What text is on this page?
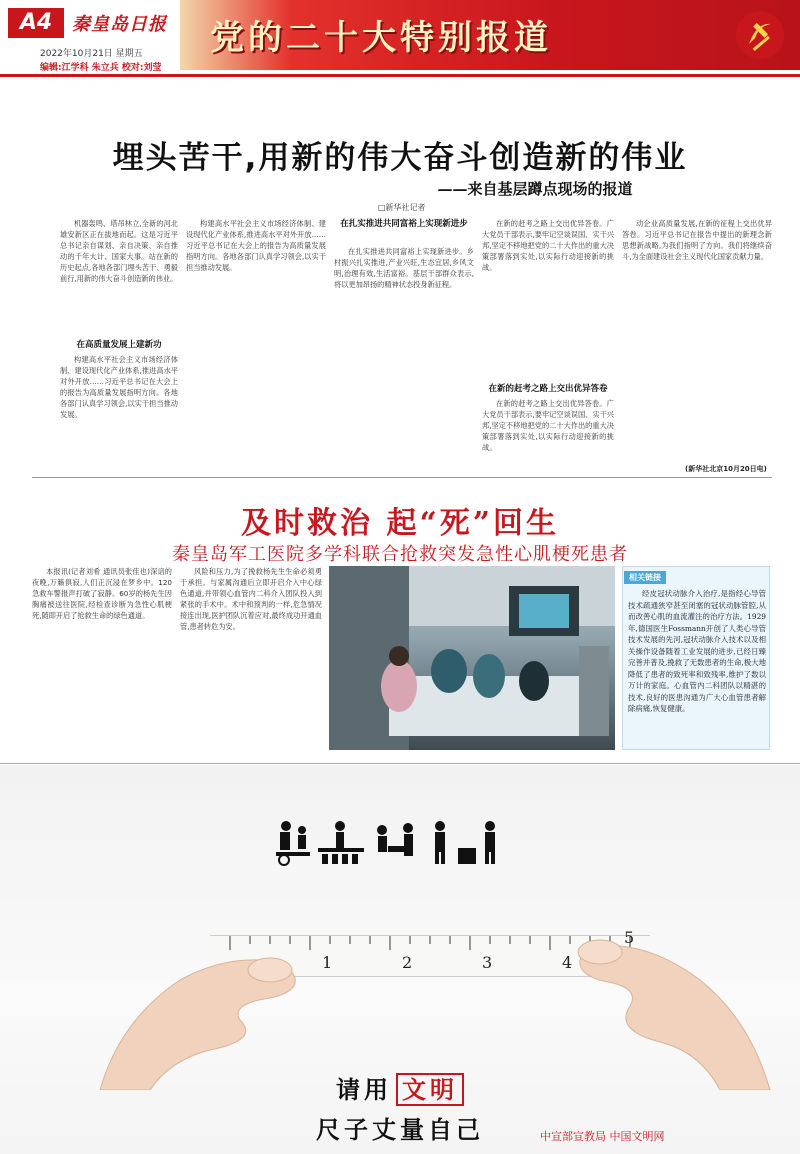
A4	秦皇岛日报
2022年10月21日 星期五
编辑:江学科 朱立兵 校对:刘莹
党的二十大特别报道
埋头苦干,用新的伟大奋斗创造新的伟业
——来自基层蹲点现场的报道
□新华社记者
机器轰鸣、塔吊林立,全新的河北雄安新区正在拔地而起。这是习近平总书记亲自谋划、亲自决策、亲自推动的千年大计、国家大事。站在新的历史起点,各地各部门埋头苦干、勇毅前行,用新的伟大奋斗创造新的伟业。
在高质量发展上建新功
构建高水平社会主义市场经济体制、建设现代化产业体系,推进高水平对外开放……习近平总书记在大会上的报告为高质量发展指明方向。各地各部门认真学习领会,以实干担当推动发展。
构建高水平社会主义市场经济体制、建设现代化产业体系,推进高水平对外开放……习近平总书记在大会上的报告为高质量发展指明方向。各地各部门认真学习领会,以实干担当推动发展。
在扎实推进共同富裕上实现新进步
在扎实推进共同富裕上实现新进步。乡村振兴扎实推进,产业兴旺,生态宜居,乡风文明,治理有效,生活富裕。基层干部群众表示,将以更加昂扬的精神状态投身新征程。
在新的赶考之路上交出优异答卷。广大党员干部表示,要牢记空谈误国、实干兴邦,坚定不移地把党的二十大作出的重大决策部署落到实处,以实际行动迎接新的挑战。
在新的赶考之路上交出优异答卷
在新的赶考之路上交出优异答卷。广大党员干部表示,要牢记空谈误国、实干兴邦,坚定不移地把党的二十大作出的重大决策部署落到实处,以实际行动迎接新的挑战。
动企业高质量发展,在新的征程上交出优异答卷。习近平总书记在报告中提出的新理念新思想新战略,为我们指明了方向。我们将继续奋斗,为全面建设社会主义现代化国家贡献力量。
(新华社北京10月20日电)
及时救治 起“死”回生
秦皇岛军工医院多学科联合抢救突发急性心肌梗死患者
本报讯(记者刘希 通讯员张佳也)深谙的夜晚,万籁俱寂,人们正沉浸在梦乡中。120急救车警报声打破了寂静。60岁的杨先生因胸痛被送往医院,经检查诊断为急性心肌梗死,随即开启了抢救生命的绿色通道。
风险和压力,为了挽救杨先生生命必须勇于承担。与家属沟通后立即开启介入中心绿色通道,并带领心血管内二科介入团队投入到紧张的手术中。术中和预判的一样,危急情况接连出现,医护团队沉着应对,最终成功开通血管,患者转危为安。
相关链接
经皮冠状动脉介入治疗,是指经心导管技术疏通狭窄甚至闭塞的冠状动脉管腔,从而改善心肌的血流灌注的治疗方法。1929年,德国医生Fossmann开创了人类心导管技术发展的先河,冠状动脉介入技术以及相关操作设备随着工业发展的进步,已经日臻完善并普及,挽救了无数患者的生命,极大地降低了患者的致死率和致残率,维护了数以万计的家庭。心血管内二科团队以精湛的技术,良好的医患沟通为广大心血管患者解除病痛,恢复健康。
1	2	3	4
5
请用 文明
尺子丈量自己	中宣部宣教局 中国文明网
